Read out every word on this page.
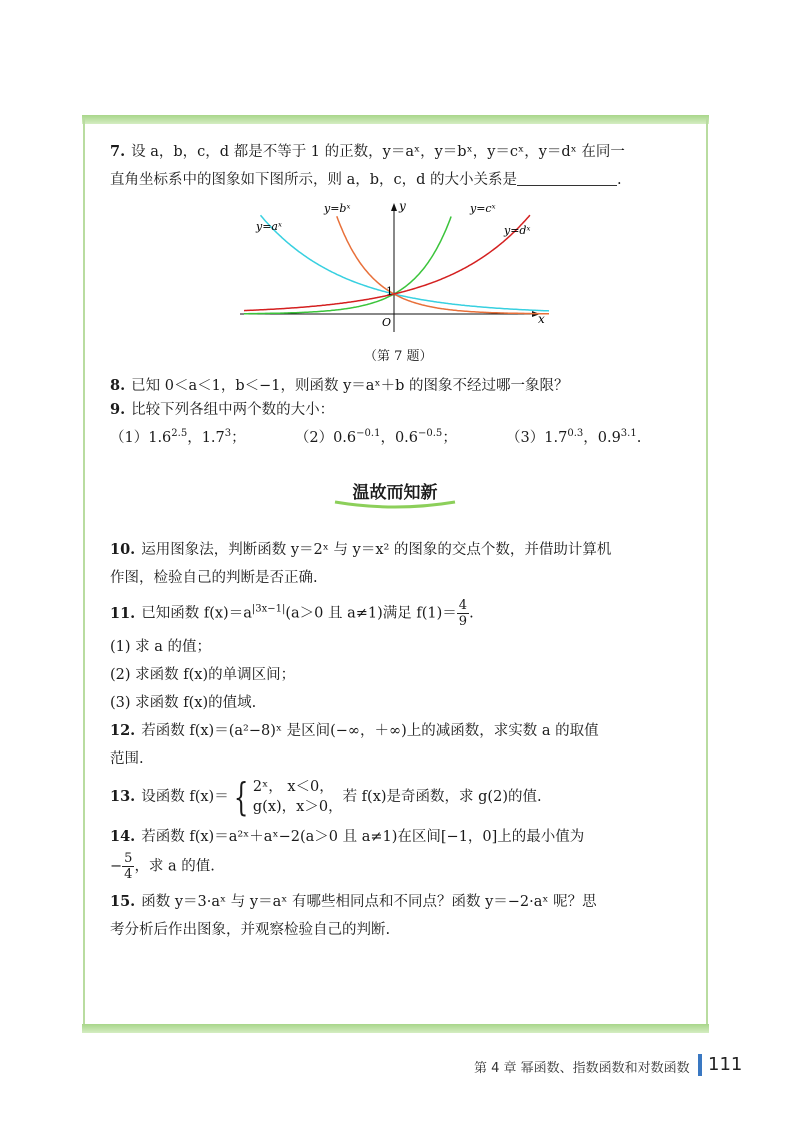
7. 设 a，b，c，d 都是不等于 1 的正数，y＝aˣ，y＝bˣ，y＝cˣ，y＝dˣ 在同一
直角坐标系中的图象如下图所示，则 a，b，c，d 的大小关系是	.

y
x
O
1
y=aˣ
y=bˣ	y=cˣ
y=dˣ
（第 7 题）

8. 已知 0＜a＜1，b＜−1，则函数 y＝aˣ＋b 的图象不经过哪一象限？

9. 比较下列各组中两个数的大小：
$(1)1.6^{2.5}$，$1.7^3$；	$(2)0.6^{-0.1}$，$0.6^{-0.5}$；	$(3)1.7^{0.3}$，$0.9^{3.1}$.

温故而知新

10. 运用图象法，判断函数 y＝2ˣ 与 y＝x² 的图象的交点个数，并借助计算机
作图，检验自己的判断是否正确.

11. 已知函数 $f(x)=a^{|3x-1|}(a>0$ 且 a≠1)满足 $f(1)= \frac{4}{9}$ .

(1) 求 a 的值；

(2) 求函数 f(x)的单调区间；

(3) 求函数 f(x)的值域.

12. 若函数 f(x)＝(a²−8)ˣ 是区间(−∞，＋∞)上的减函数，求实数 a 的取值
范围.

13. 设函数 f(x)＝ { 2ˣ， x＜0，
g(x)，x＞0，若 f(x)是奇函数，求 g(2)的值.

14. 若函数 f(x)＝a²ˣ＋aˣ−2(a＞0 且 a≠1)在区间[−1，0]上的最小值为
− $\frac{5}{4}$ ，求 a 的值.

15. 函数 y＝3·aˣ 与 y＝aˣ 有哪些相同点和不同点？函数 y＝−2·aˣ 呢？思
考分析后作出图象，并观察检验自己的判断.

第 4 章 幂函数、指数函数和对数函数 111
